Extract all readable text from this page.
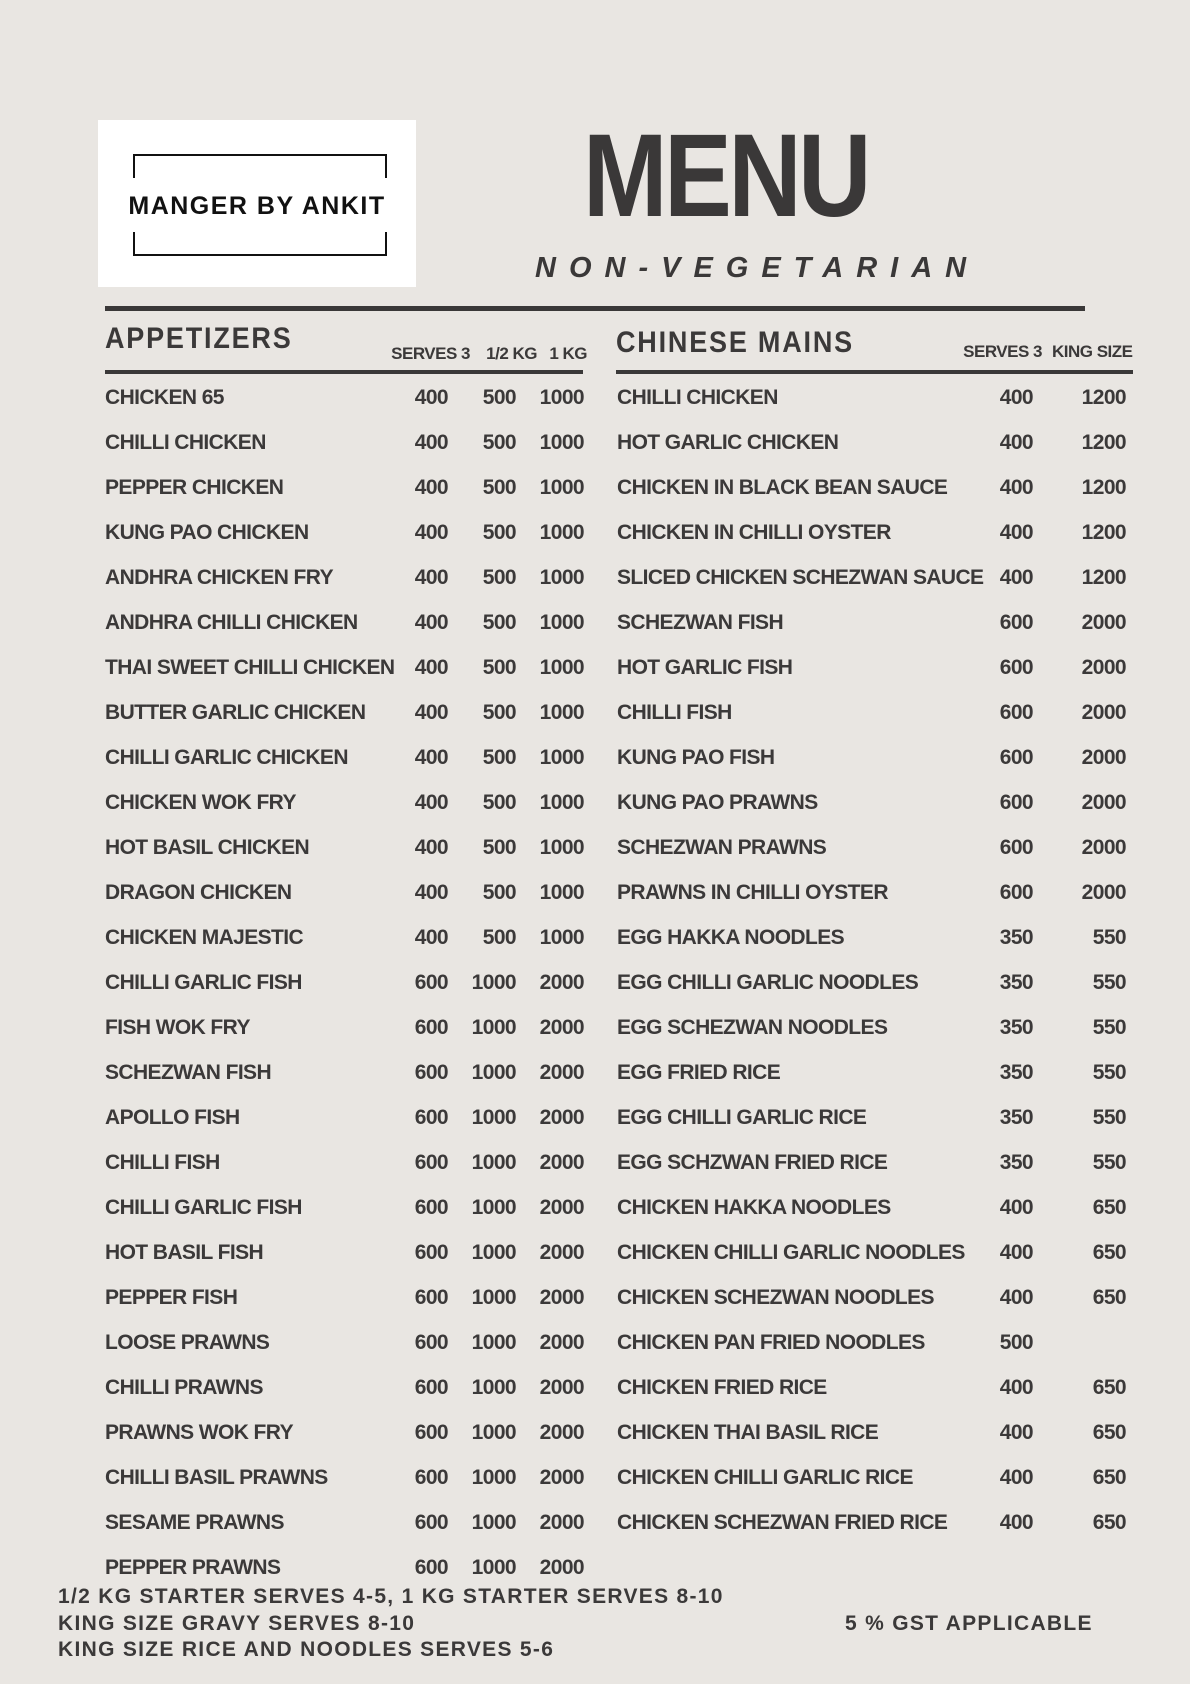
MANGER BY ANKIT MENU
NON-VEGETARIAN
APPETIZERS	SERVES 3 1/2 KG 1 KG CHINESE MAINS	SERVES 3 KING SIZE
CHICKEN 65	400 500 1000
CHILLI CHICKEN	400 500 1000
PEPPER CHICKEN	400 500 1000
KUNG PAO CHICKEN	400 500 1000
ANDHRA CHICKEN FRY	400 500 1000
ANDHRA CHILLI CHICKEN	400 500 1000
THAI SWEET CHILLI CHICKEN 400 500 1000
BUTTER GARLIC CHICKEN 400 500 1000
CHILLI GARLIC CHICKEN	400 500 1000
CHICKEN WOK FRY	400 500 1000
HOT BASIL CHICKEN	400 500 1000
DRAGON CHICKEN	400 500 1000
CHICKEN MAJESTIC	400 500 1000
CHILLI GARLIC FISH	600 1000 2000
FISH WOK FRY	600 1000 2000
SCHEZWAN FISH	600 1000 2000
APOLLO FISH	600 1000 2000
CHILLI FISH	600 1000 2000
CHILLI GARLIC FISH	600 1000 2000
HOT BASIL FISH	600 1000 2000
PEPPER FISH	600 1000 2000
LOOSE PRAWNS	600 1000 2000
CHILLI PRAWNS	600 1000 2000
PRAWNS WOK FRY	600 1000 2000
CHILLI BASIL PRAWNS	600 1000 2000
SESAME PRAWNS	600 1000 2000
PEPPER PRAWNS	600 1000 2000
CHILLI CHICKEN	400 1200
HOT GARLIC CHICKEN	400 1200
CHICKEN IN BLACK BEAN SAUCE 400 1200
CHICKEN IN CHILLI OYSTER	400 1200
SLICED CHICKEN SCHEZWAN SAUCE 400 1200
SCHEZWAN FISH	600 2000
HOT GARLIC FISH	600 2000
CHILLI FISH	600 2000
KUNG PAO FISH	600 2000
KUNG PAO PRAWNS	600 2000
SCHEZWAN PRAWNS	600 2000
PRAWNS IN CHILLI OYSTER	600 2000
EGG HAKKA NOODLES	350	550
EGG CHILLI GARLIC NOODLES	350	550
EGG SCHEZWAN NOODLES	350	550
EGG FRIED RICE	350	550
EGG CHILLI GARLIC RICE	350	550
EGG SCHZWAN FRIED RICE	350	550
CHICKEN HAKKA NOODLES	400	650
CHICKEN CHILLI GARLIC NOODLES 400	650
CHICKEN SCHEZWAN NOODLES	400	650
CHICKEN PAN FRIED NOODLES	500
CHICKEN FRIED RICE	400	650
CHICKEN THAI BASIL RICE	400	650
CHICKEN CHILLI GARLIC RICE	400	650
CHICKEN SCHEZWAN FRIED RICE 400	650
1/2 KG STARTER SERVES 4-5, 1 KG STARTER SERVES 8-10
KING SIZE GRAVY SERVES 8-10
KING SIZE RICE AND NOODLES SERVES 5-6
5 % GST APPLICABLE
